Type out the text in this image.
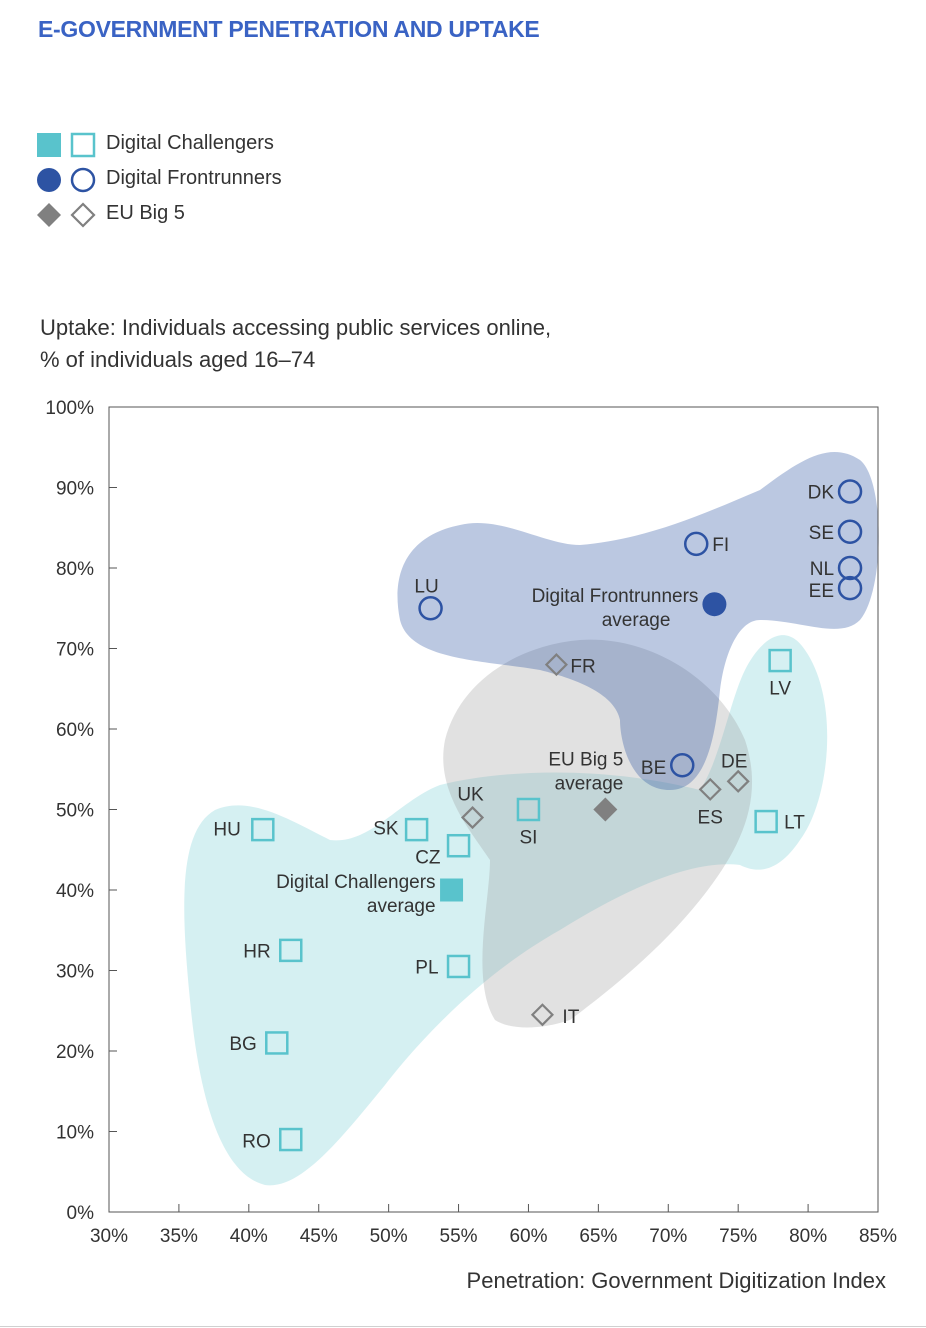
E-GOVERNMENT PENETRATION AND UPTAKE
Digital Challengers
Digital Frontrunners
EU Big 5
Uptake: Individuals accessing public services online,
% of individuals aged 16–74
0%
10%
20%
30%
40%
50%
60%
70%
80%
90%
100%
30% 35% 40% 45% 50% 55% 60% 65% 70% 75% 80% 85%
HU	SK
CZ
SI
HR
PL
BG
RO
LV
LT
DK
SE
NL
EE
FI
LU
BE
FR
UK
ES
DE
IT
Digital Frontrunners
average
EU Big 5
average
Digital Challengers
average
Penetration: Government Digitization Index
